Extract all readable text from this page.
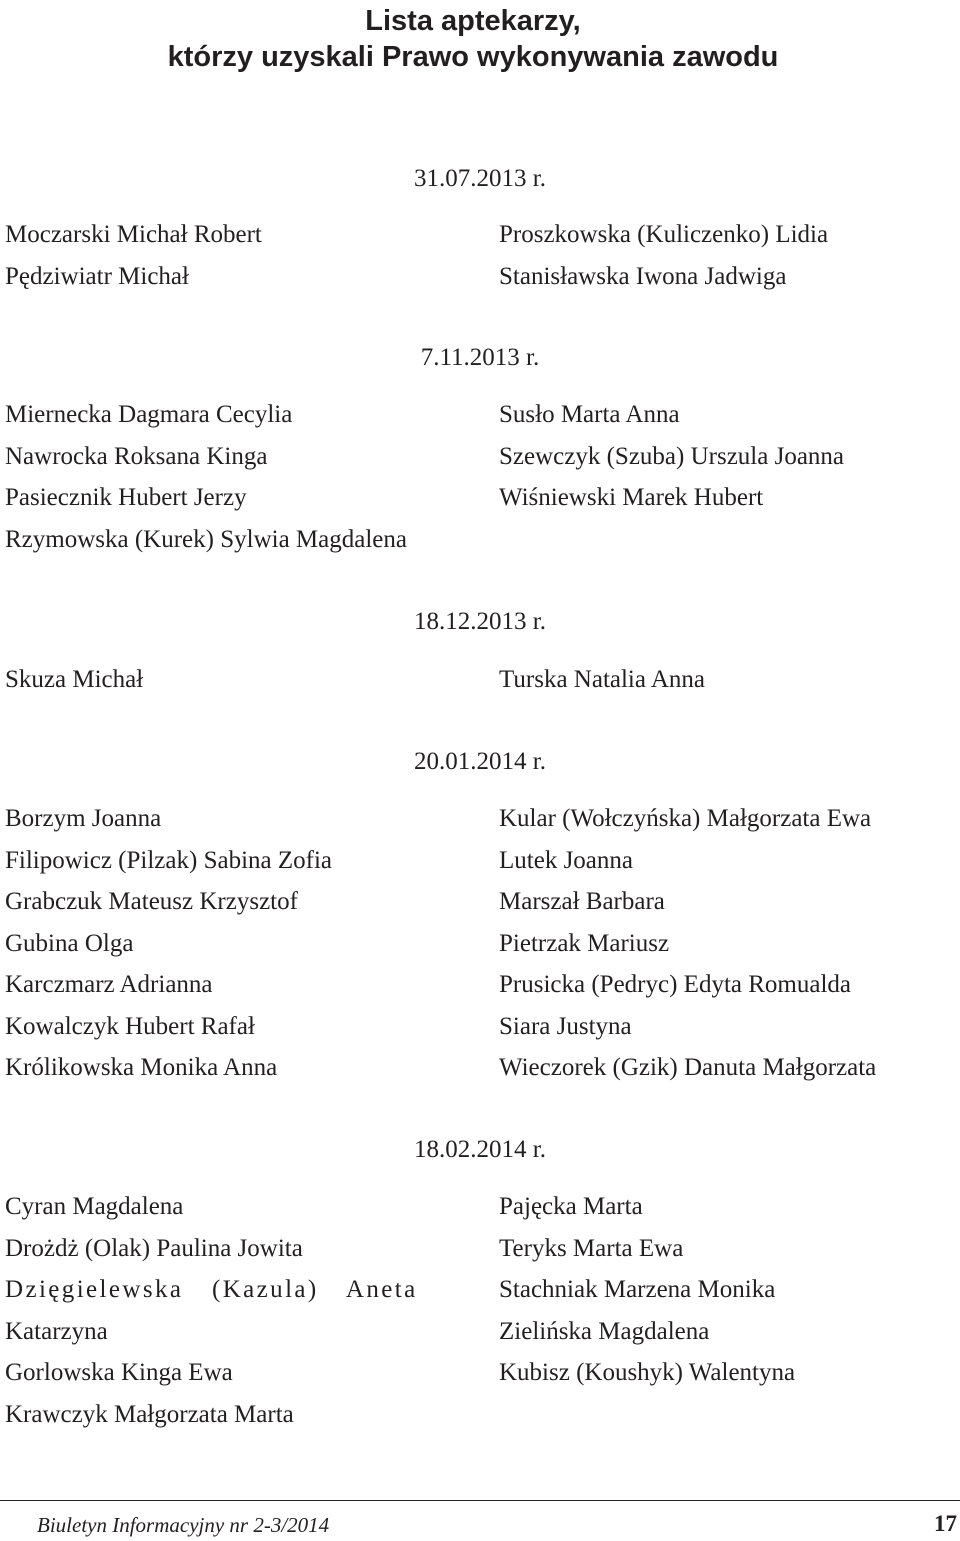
Lista aptekarzy,
którzy uzyskali Prawo wykonywania zawodu
31.07.2013 r.
Moczarski Michał Robert
Pędziwiatr Michał
Proszkowska (Kuliczenko) Lidia
Stanisławska Iwona Jadwiga
7.11.2013 r.
Miernecka Dagmara Cecylia
Nawrocka Roksana Kinga
Pasiecznik Hubert Jerzy
Rzymowska (Kurek) Sylwia Magdalena
Susło Marta Anna
Szewczyk (Szuba) Urszula Joanna
Wiśniewski Marek Hubert
18.12.2013 r.
Skuza Michał	Turska Natalia Anna
20.01.2014 r.
Borzym Joanna
Filipowicz (Pilzak) Sabina Zofia
Grabczuk Mateusz Krzysztof
Gubina Olga
Karczmarz Adrianna
Kowalczyk Hubert Rafał
Królikowska Monika Anna
Kular (Wołczyńska) Małgorzata Ewa
Lutek Joanna
Marszał Barbara
Pietrzak Mariusz
Prusicka (Pedryc) Edyta Romualda
Siara Justyna
Wieczorek (Gzik) Danuta Małgorzata
18.02.2014 r.
Cyran Magdalena
Drożdż (Olak) Paulina Jowita
Dzięgielewska (Kazula) Aneta
Katarzyna
Gorlowska Kinga Ewa
Krawczyk Małgorzata Marta
Pajęcka Marta
Teryks Marta Ewa
Stachniak Marzena Monika
Zielińska Magdalena
Kubisz (Koushyk) Walentyna
Biuletyn Informacyjny nr 2-3/2014	17
